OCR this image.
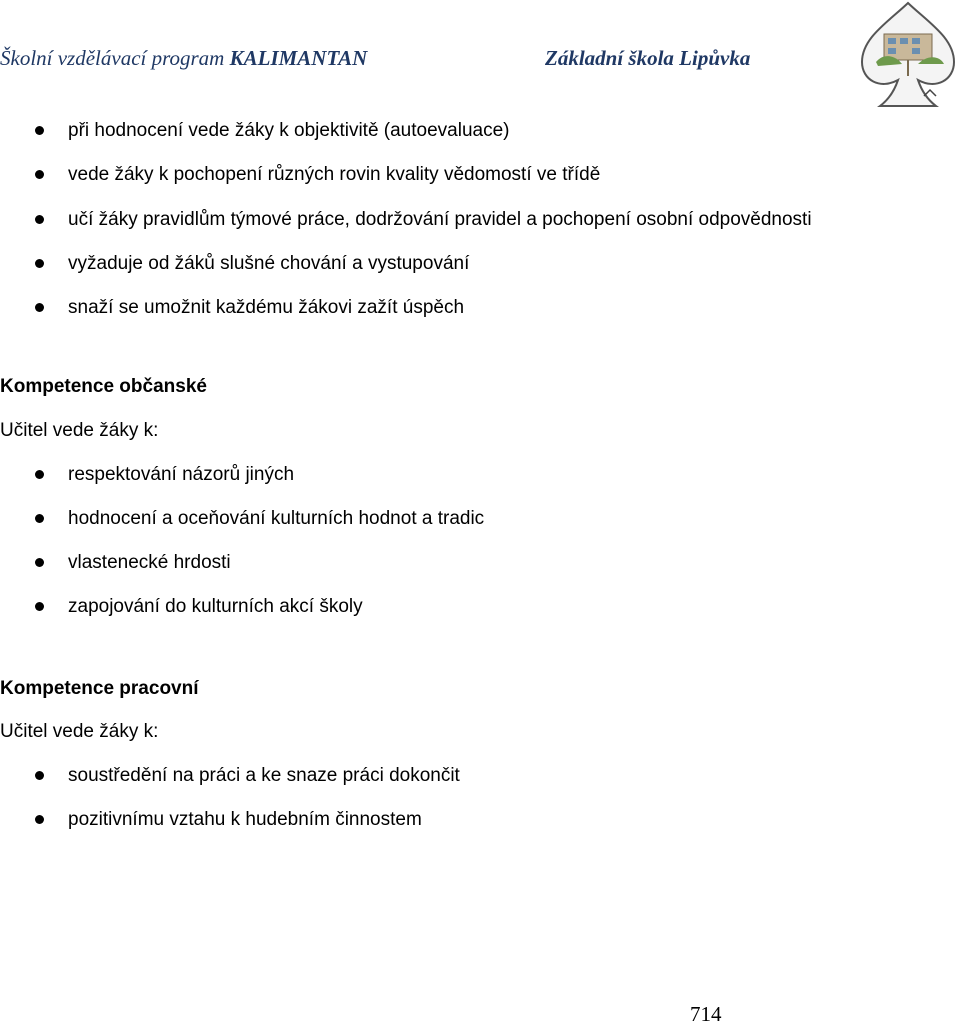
Školní vzdělávací program KALIMANTAN	Základní škola Lipůvka
při hodnocení vede žáky k objektivitě (autoevaluace)
vede žáky k pochopení různých rovin kvality vědomostí ve třídě
učí žáky pravidlům týmové práce, dodržování pravidel a pochopení osobní odpovědnosti
vyžaduje od žáků slušné chování a vystupování
snaží se umožnit každému žákovi zažít úspěch
Kompetence občanské
Učitel vede žáky k:
respektování názorů jiných
hodnocení a oceňování kulturních hodnot a tradic
vlastenecké hrdosti
zapojování do kulturních akcí školy
Kompetence pracovní
Učitel vede žáky k:
soustředění na práci a ke snaze práci dokončit
pozitivnímu vztahu k hudebním činnostem
714
